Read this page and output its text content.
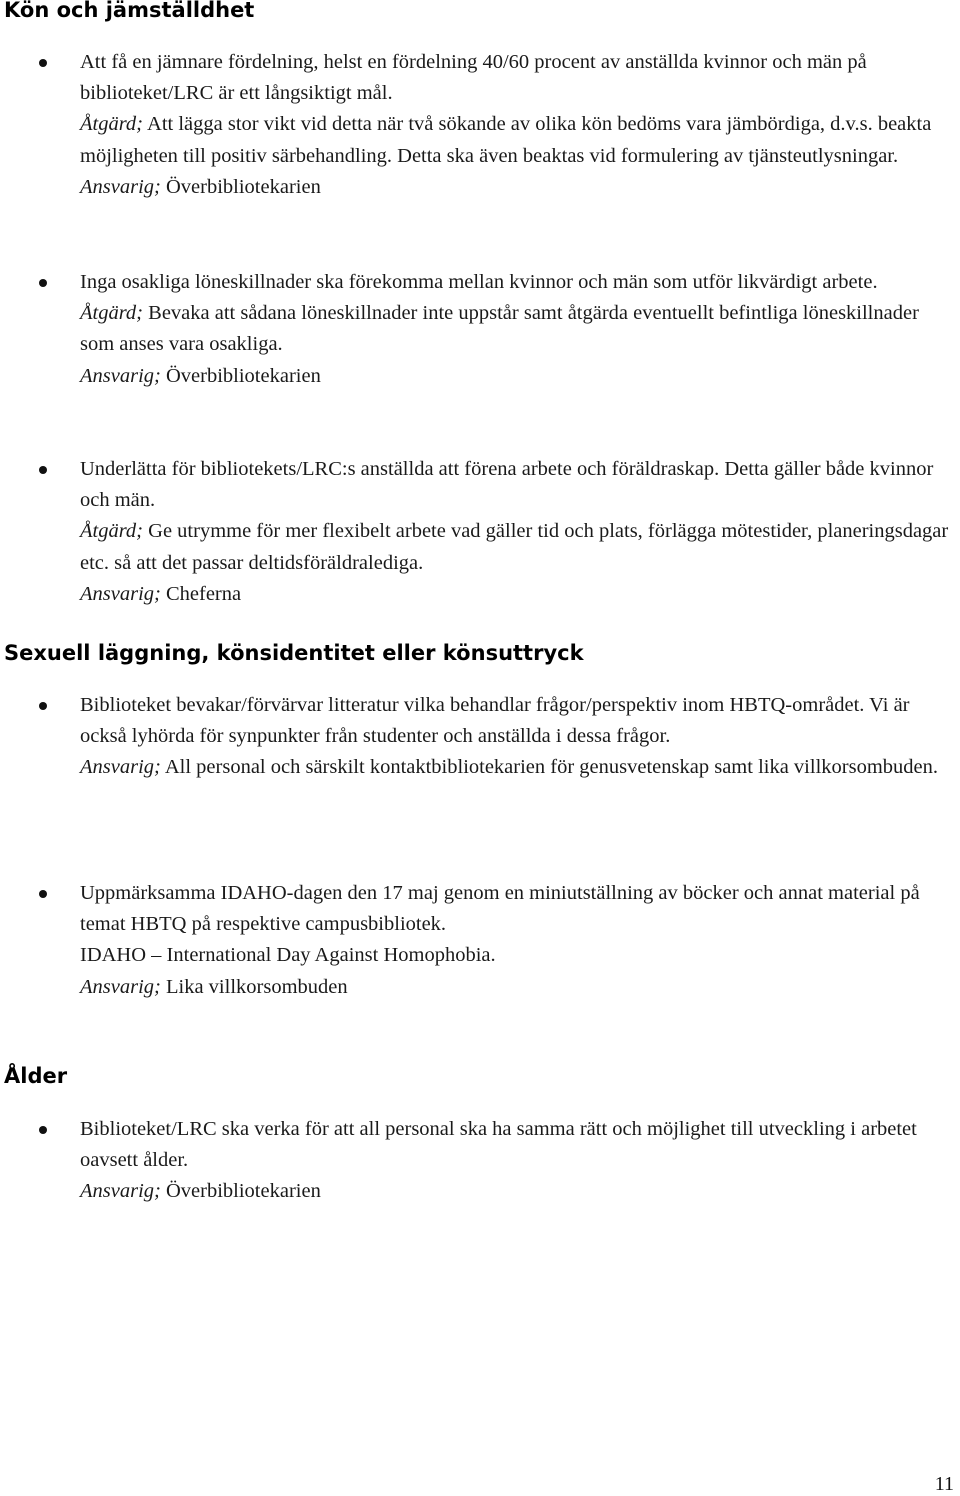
Kön och jämställdhet

Att få en jämnare fördelning, helst en fördelning 40/60 procent av anställda kvinnor och män på biblioteket/LRC är ett långsiktigt mål.

Åtgärd; Att lägga stor vikt vid detta när två sökande av olika kön bedöms vara jämbördiga, d.v.s. beakta möjligheten till positiv särbehandling. Detta ska även beaktas vid formulering av tjänsteutlysningar.

Ansvarig; Överbibliotekarien

Inga osakliga löneskillnader ska förekomma mellan kvinnor och män som utför likvärdigt arbete.

Åtgärd; Bevaka att sådana löneskillnader inte uppstår samt åtgärda eventuellt befintliga löneskillnader som anses vara osakliga.

Ansvarig; Överbibliotekarien

Underlätta för bibliotekets/LRC:s anställda att förena arbete och föräldraskap. Detta gäller både kvinnor och män.

Åtgärd; Ge utrymme för mer flexibelt arbete vad gäller tid och plats, förlägga mötestider, planeringsdagar etc. så att det passar deltidsföräldralediga.

Ansvarig; Cheferna

Sexuell läggning, könsidentitet eller könsuttryck

Biblioteket bevakar/förvärvar litteratur vilka behandlar frågor/perspektiv inom HBTQ-området. Vi är också lyhörda för synpunkter från studenter och anställda i dessa frågor.

Ansvarig; All personal och särskilt kontaktbibliotekarien för genusvetenskap samt lika villkorsombuden.

Uppmärksamma IDAHO-dagen den 17 maj genom en miniutställning av böcker och annat material på temat HBTQ på respektive campusbibliotek.

IDAHO – International Day Against Homophobia.

Ansvarig; Lika villkorsombuden

Ålder

Biblioteket/LRC ska verka för att all personal ska ha samma rätt och möjlighet till utveckling i arbetet oavsett ålder.

Ansvarig; Överbibliotekarien

11
